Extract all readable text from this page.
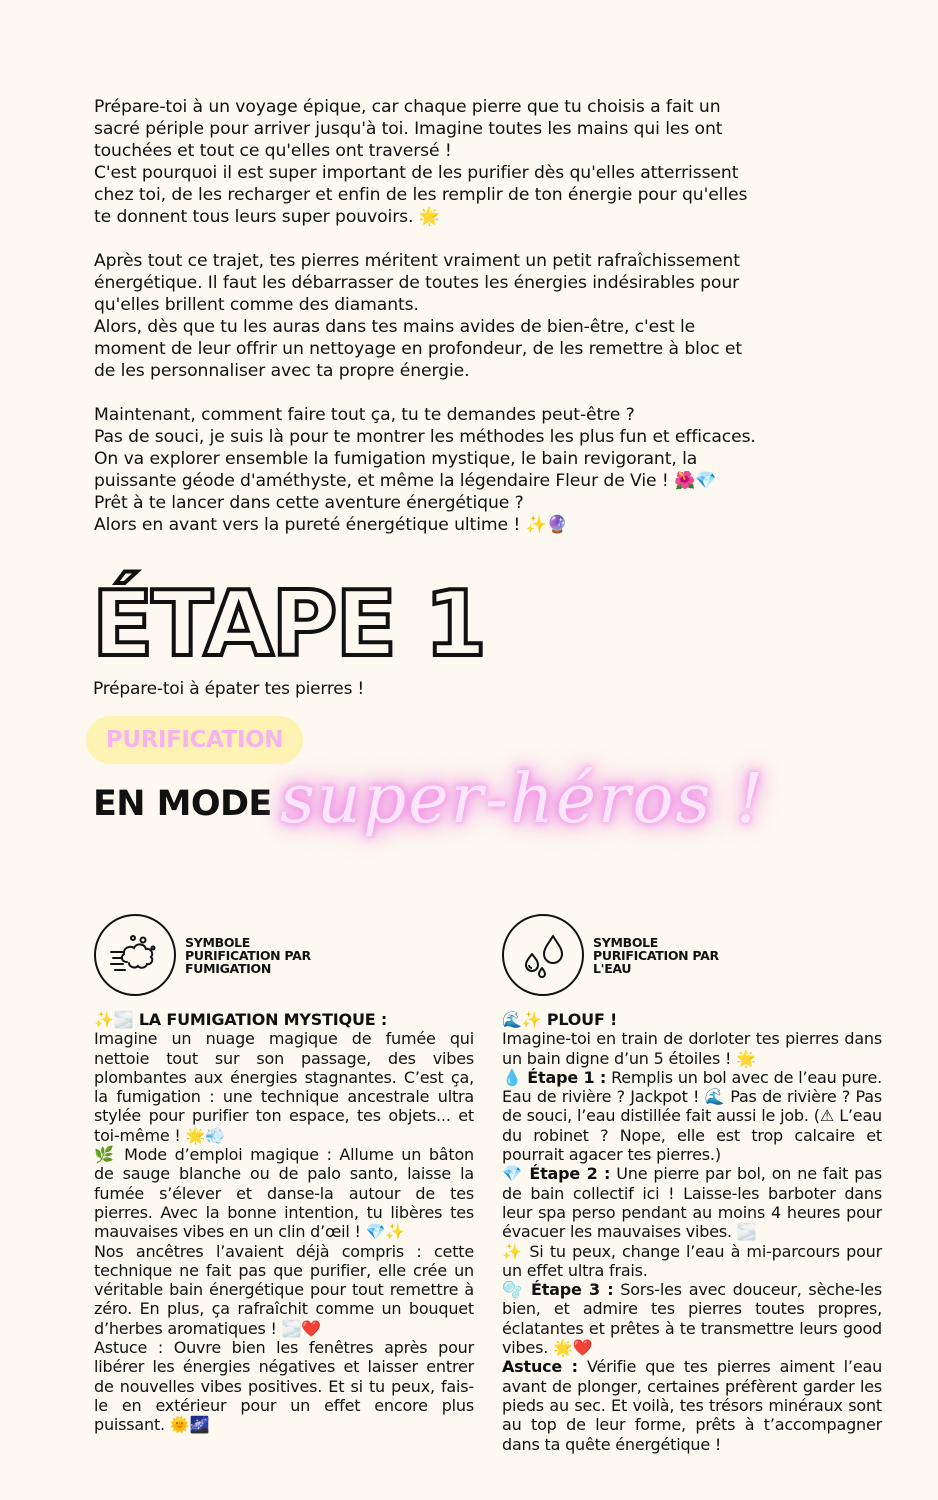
Prépare-toi à un voyage épique, car chaque pierre que tu choisis a fait un
sacré périple pour arriver jusqu'à toi. Imagine toutes les mains qui les ont
touchées et tout ce qu'elles ont traversé !
C'est pourquoi il est super important de les purifier dès qu'elles atterrissent
chez toi, de les recharger et enfin de les remplir de ton énergie pour qu'elles
te donnent tous leurs super pouvoirs. 🌟
Après tout ce trajet, tes pierres méritent vraiment un petit rafraîchissement
énergétique. Il faut les débarrasser de toutes les énergies indésirables pour
qu'elles brillent comme des diamants.
Alors, dès que tu les auras dans tes mains avides de bien-être, c'est le
moment de leur offrir un nettoyage en profondeur, de les remettre à bloc et
de les personnaliser avec ta propre énergie.
Maintenant, comment faire tout ça, tu te demandes peut-être ?
Pas de souci, je suis là pour te montrer les méthodes les plus fun et efficaces.
On va explorer ensemble la fumigation mystique, le bain revigorant, la
puissante géode d'améthyste, et même la légendaire Fleur de Vie ! 🌺💎
Prêt à te lancer dans cette aventure énergétique ?
Alors en avant vers la pureté énergétique ultime ! ✨🔮
ÉTAPE 1
Prépare-toi à épater tes pierres !
PURIFICATION
EN MODE super-héros !
SYMBOLE PURIFICATION PAR FUMIGATION
SYMBOLE PURIFICATION PAR L'EAU

✨🌫️ LA FUMIGATION MYSTIQUE :

Imagine un nuage magique de fumée qui nettoie tout sur son passage, des vibes plombantes aux énergies stagnantes. C’est ça, la fumigation : une technique ancestrale ultra stylée pour purifier ton espace, tes objets... et toi-même ! 🌟💨

🌿 Mode d’emploi magique : Allume un bâton de sauge blanche ou de palo santo, laisse la fumée s’élever et danse-la autour de tes pierres. Avec la bonne intention, tu libères tes mauvaises vibes en un clin d’œil ! 💎✨

Nos ancêtres l’avaient déjà compris : cette technique ne fait pas que purifier, elle crée un véritable bain énergétique pour tout remettre à zéro. En plus, ça rafraîchit comme un bouquet d’herbes aromatiques ! 🌫️❤️

Astuce : Ouvre bien les fenêtres après pour libérer les énergies négatives et laisser entrer de nouvelles vibes positives. Et si tu peux, fais-le en extérieur pour un effet encore plus puissant. 🌞🌌

🌊✨ PLOUF !

Imagine-toi en train de dorloter tes pierres dans un bain digne d’un 5 étoiles ! 🌟

💧 Étape 1 : Remplis un bol avec de l’eau pure. Eau de rivière ? Jackpot ! 🌊 Pas de rivière ? Pas de souci, l’eau distillée fait aussi le job. (⚠ L’eau du robinet ? Nope, elle est trop calcaire et pourrait agacer tes pierres.)

💎 Étape 2 : Une pierre par bol, on ne fait pas de bain collectif ici ! Laisse-les barboter dans leur spa perso pendant au moins 4 heures pour évacuer les mauvaises vibes. 🌫️

✨ Si tu peux, change l’eau à mi-parcours pour un effet ultra frais.

🫧 Étape 3 : Sors-les avec douceur, sèche-les bien, et admire tes pierres toutes propres, éclatantes et prêtes à te transmettre leurs good vibes. 🌟❤️

Astuce : Vérifie que tes pierres aiment l’eau avant de plonger, certaines préfèrent garder les pieds au sec. Et voilà, tes trésors minéraux sont au top de leur forme, prêts à t’accompagner dans ta quête énergétique !
